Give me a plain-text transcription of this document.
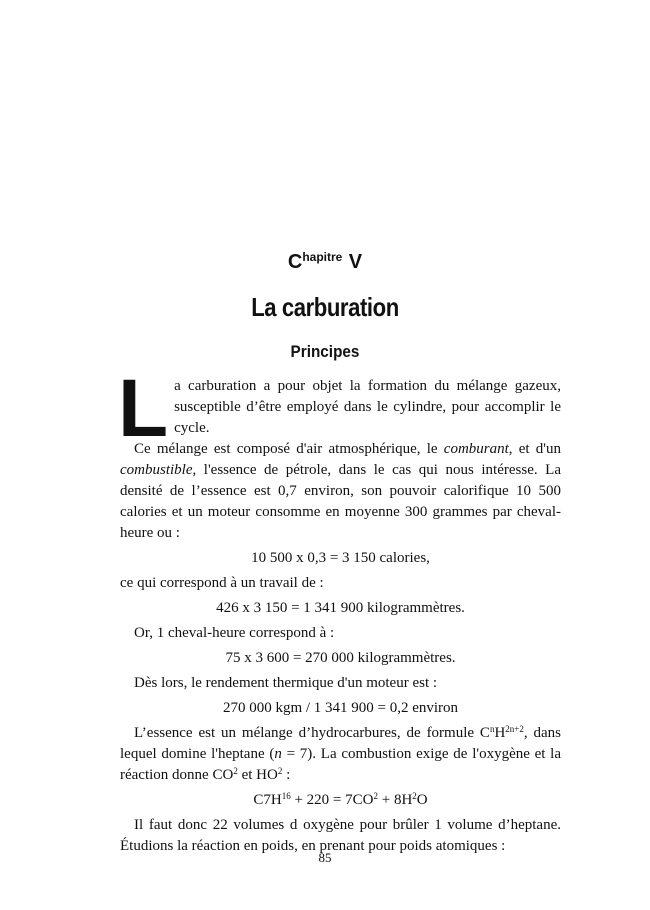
$C^{hapitre}$ V
La carburation
Principes

La carburation a pour objet la formation du mélange gazeux, susceptible d’être employé dans le cylindre, pour accomplir le cycle.

Ce mélange est composé d'air atmosphérique, le comburant, et d'un combustible, l'essence de pétrole, dans le cas qui nous intéresse. La densité de l’essence est 0,7 environ, son pouvoir calorifique 10 500 calories et un moteur consomme en moyenne 300 grammes par cheval-heure ou :

10 500 x 0,3 = 3 150 calories,

ce qui correspond à un travail de :

426 x 3 150 = 1 341 900 kilogrammètres.

Or, 1 cheval-heure correspond à :

75 x 3 600 = 270 000 kilogrammètres.

Dès lors, le rendement thermique d'un moteur est :

270 000 kgm / 1 341 900 = 0,2 environ

L’essence est un mélange d’hydrocarbures, de formule $C^nH^{2n+2}$, dans lequel domine l'heptane (n = 7). La combustion exige de l'oxygène et la réaction donne $CO^2$ et $HO^2$ :

$C7H^{16} + 220 = 7CO^2 + 8H^2O$

Il faut donc 22 volumes d oxygène pour brûler 1 volume d’heptane. Étudions la réaction en poids, en prenant pour poids atomiques :

85
